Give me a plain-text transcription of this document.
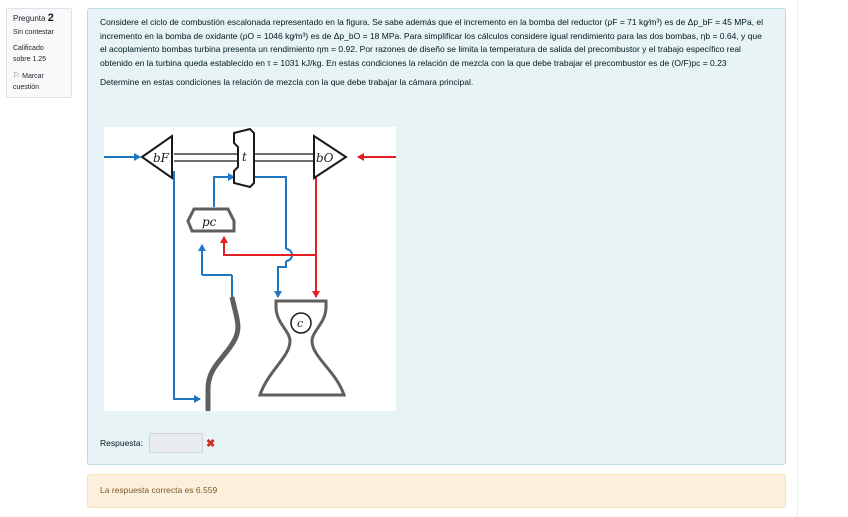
Pregunta 2
Sin contestar
Calificado
sobre 1.25
⚐ Marcar cuestión

Considere el ciclo de combustión escalonada representado en la figura. Se sabe además que el incremento en la bomba del reductor (ρF = 71 kg⁄m³) es de Δp_bF = 45 MPa, el incremento en la bomba de oxidante (ρO = 1046 kg⁄m³) es de Δp_bO = 18 MPa. Para simplificar los cálculos considere igual rendimiento para las dos bombas, ηb = 0.64, y que el acoplamiento bombas turbina presenta un rendimiento ηm = 0.92. Por razones de diseño se limita la temperatura de salida del precombustor y el trabajo específico real obtenido en la turbina queda establecido en τ = 1031 kJ/kg. En estas condiciones la relación de mezcla con la que debe trabajar el precombustor es de (O/F)pc = 0.23

Determine en estas condiciones la relación de mezcla con la que debe trabajar la cámara principal.

bF	t	bO
pc
c
Respuesta:	✖
La respuesta correcta es 6.559
